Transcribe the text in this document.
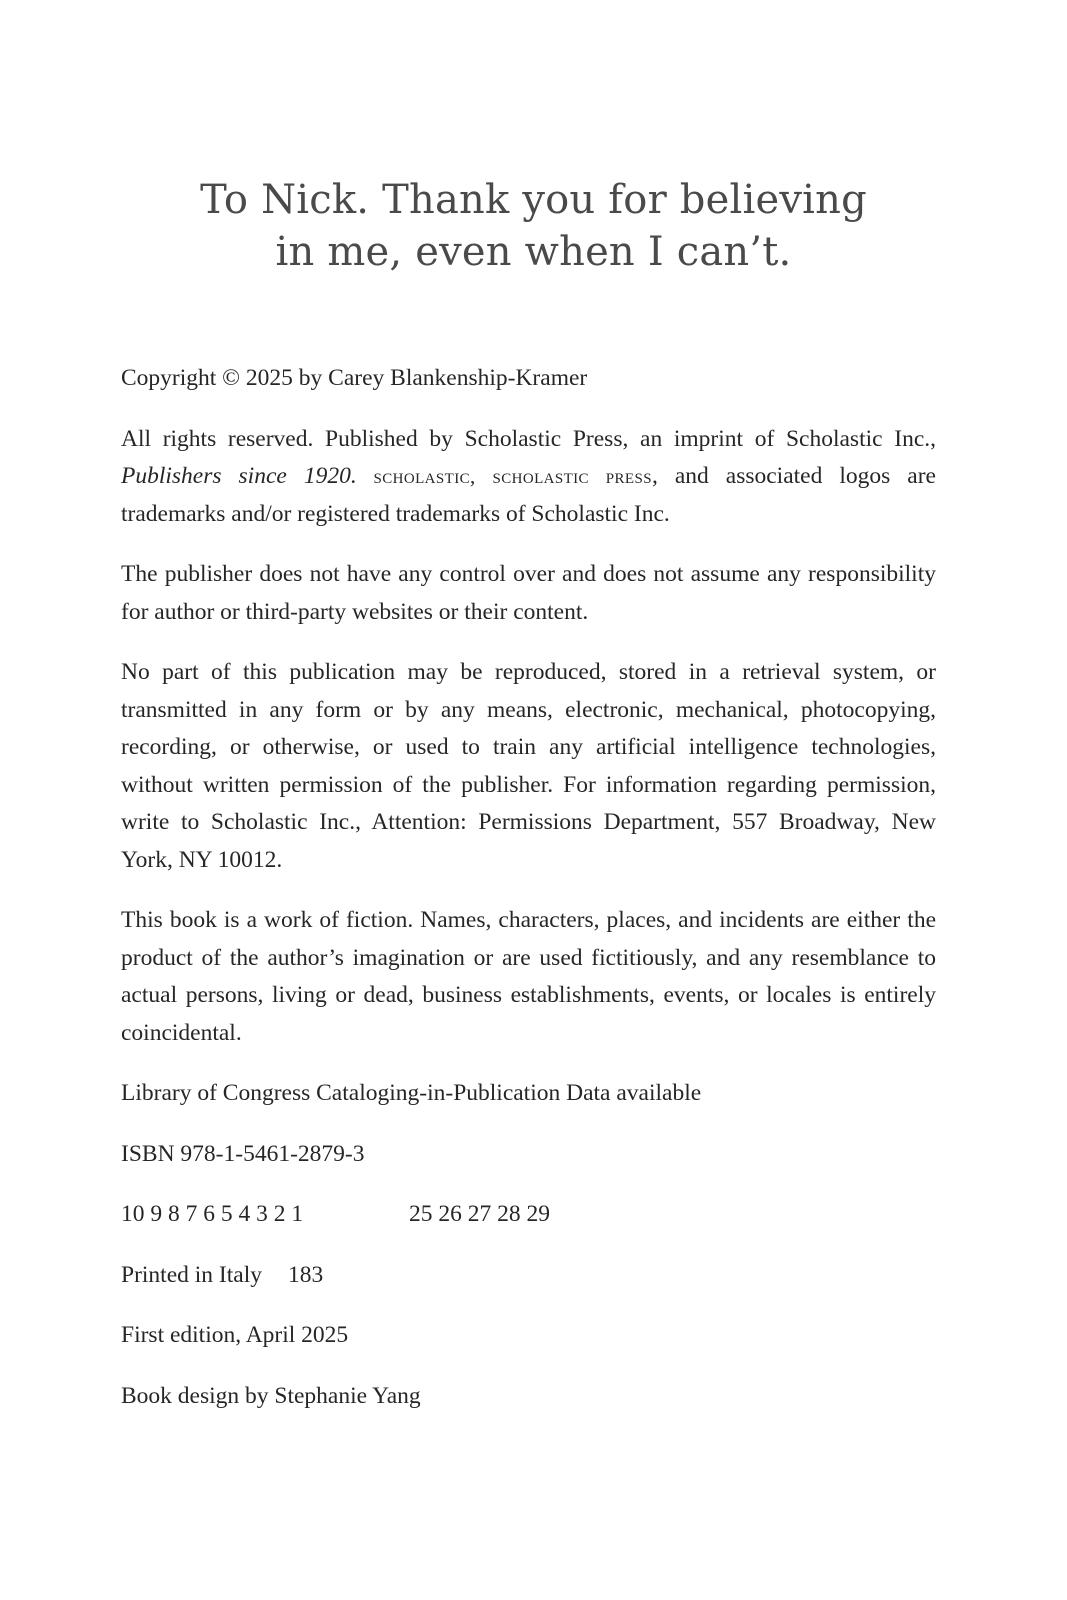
To Nick. Thank you for believing
in me, even when I can’t.

Copyright © 2025 by Carey Blankenship-Kramer

All rights reserved. Published by Scholastic Press, an imprint of Scholastic Inc., Publishers since 1920. scholastic, scholastic press, and associated logos are trademarks and/or registered trademarks of Scholastic Inc.

The publisher does not have any control over and does not assume any responsibility for author or third-party websites or their content.

No part of this publication may be reproduced, stored in a retrieval system, or transmitted in any form or by any means, electronic, mechanical, photocopying, recording, or otherwise, or used to train any artificial intelligence technologies, without written permission of the publisher. For information regarding permission, write to Scholastic Inc., Attention: Permissions Department, 557 Broadway, New York, NY 10012.

This book is a work of fiction. Names, characters, places, and incidents are either the product of the author’s imagination or are used fictitiously, and any resemblance to actual persons, living or dead, business establishments, events, or locales is entirely coincidental.

Library of Congress Cataloging-in-Publication Data available

ISBN 978-1-5461-2879-3

10 9 8 7 6 5 4 3 2 1	25 26 27 28 29
Printed in Italy 183

First edition, April 2025

Book design by Stephanie Yang
